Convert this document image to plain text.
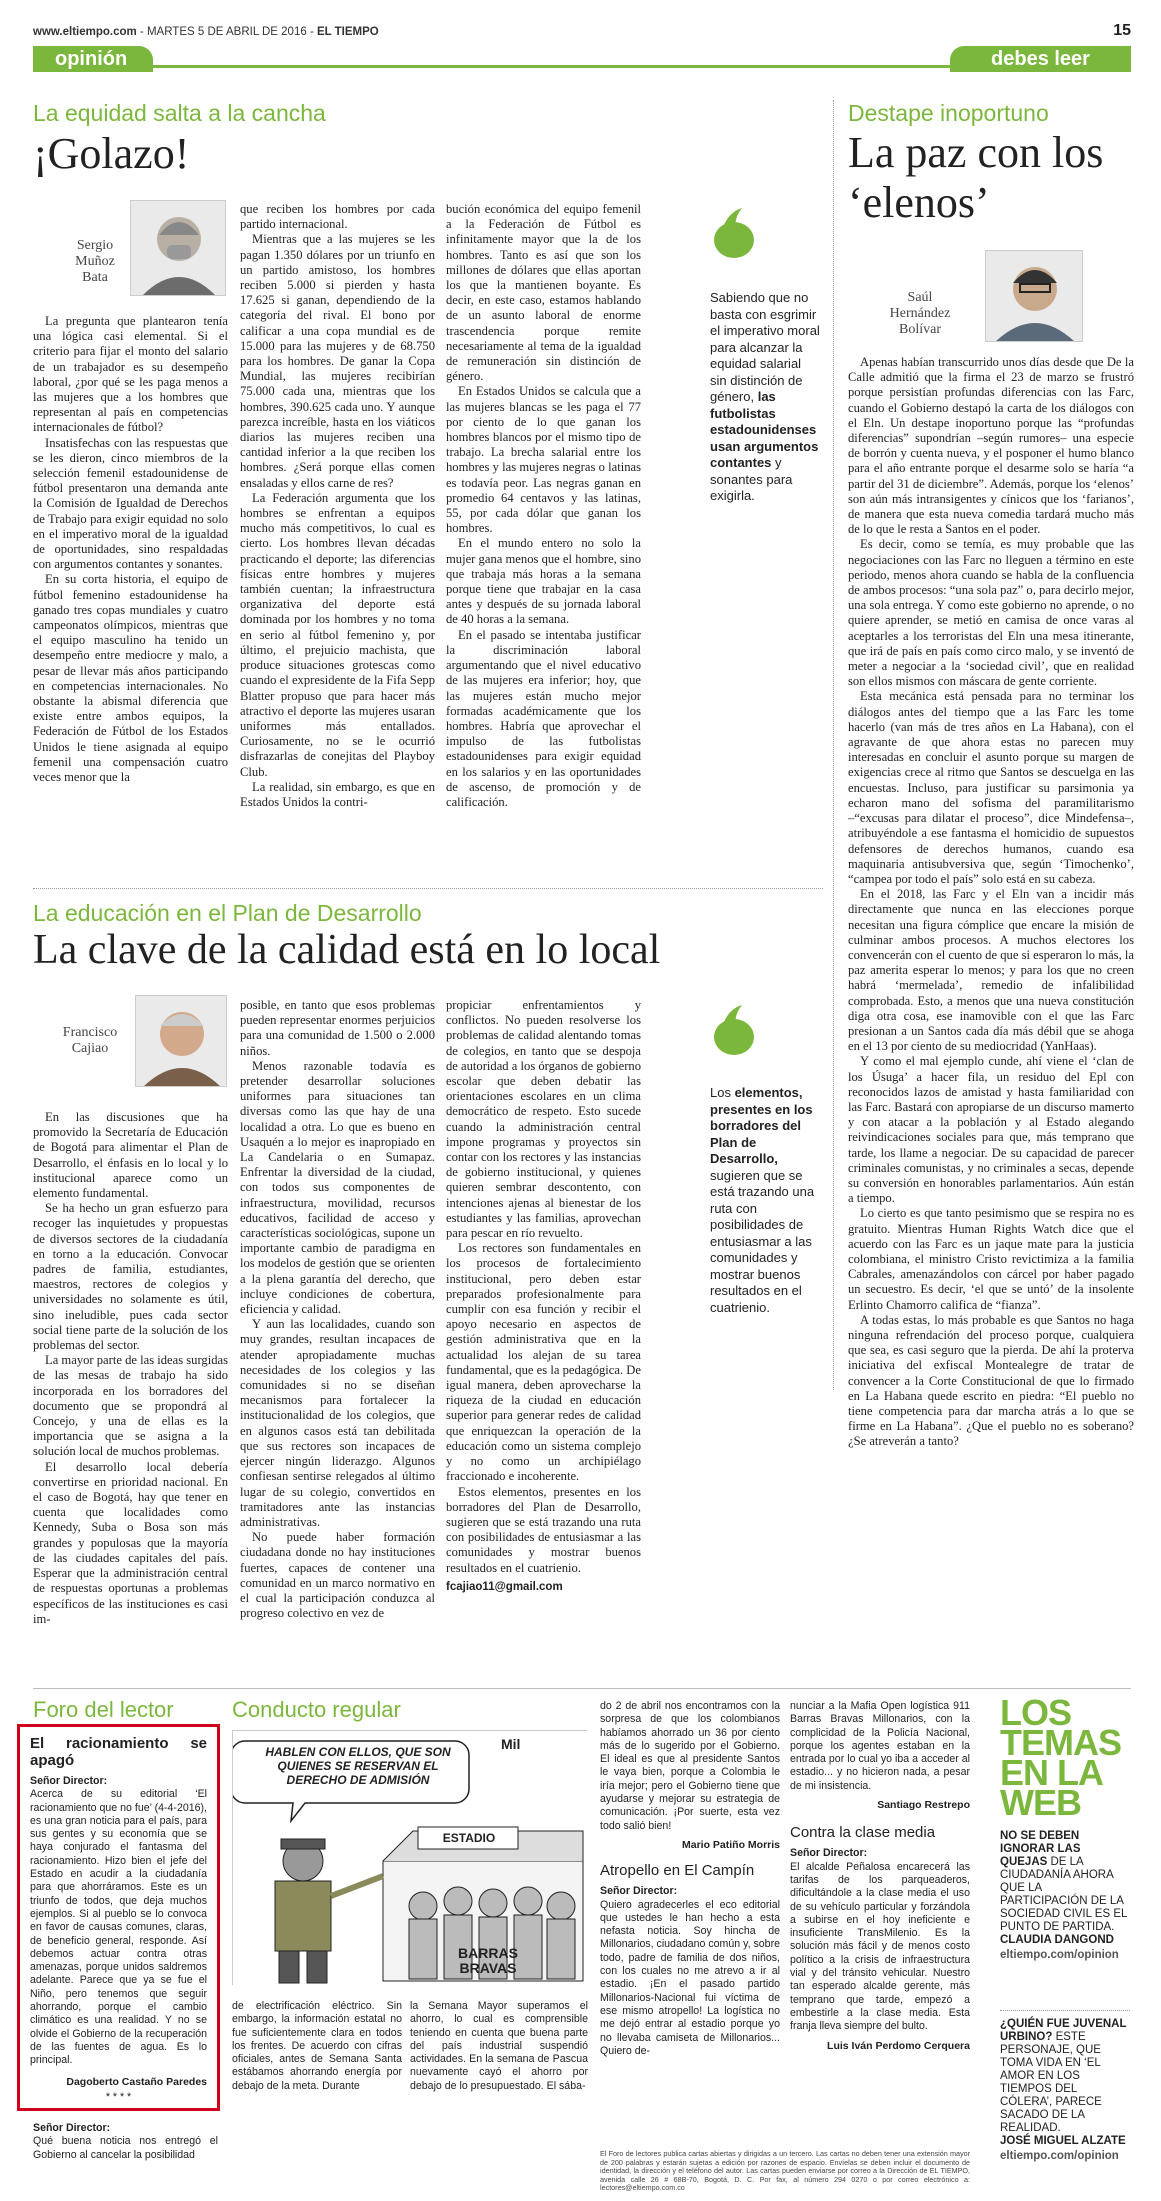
www.eltiempo.com - MARTES 5 DE ABRIL DE 2016 - EL TIEMPO	15
opinión	debes leer
La equidad salta a la cancha
¡Golazo!
Sergio
Muñoz
Bata

La pregunta que plantearon tenía una lógica casi elemental. Si el criterio para fijar el monto del salario de un trabajador es su desempeño laboral, ¿por qué se les paga menos a las mujeres que a los hombres que representan al país en competencias internacionales de fútbol?

Insatisfechas con las respuestas que se les dieron, cinco miembros de la selección femenil estadounidense de fútbol presentaron una demanda ante la Comisión de Igualdad de Derechos de Trabajo para exigir equidad no solo en el imperativo moral de la igualdad de oportunidades, sino respaldadas con argumentos contantes y sonantes.

En su corta historia, el equipo de fútbol femenino estadounidense ha ganado tres copas mundiales y cuatro campeonatos olímpicos, mientras que el equipo masculino ha tenido un desempeño entre mediocre y malo, a pesar de llevar más años participando en competencias internacionales. No obstante la abismal diferencia que existe entre ambos equipos, la Federación de Fútbol de los Estados Unidos le tiene asignada al equipo femenil una compensación cuatro veces menor que la

que reciben los hombres por cada partido internacional.

Mientras que a las mujeres se les pagan 1.350 dólares por un triunfo en un partido amistoso, los hombres reciben 5.000 si pierden y hasta 17.625 si ganan, dependiendo de la categoría del rival. El bono por calificar a una copa mundial es de 15.000 para las mujeres y de 68.750 para los hombres. De ganar la Copa Mundial, las mujeres recibirían 75.000 cada una, mientras que los hombres, 390.625 cada uno. Y aunque parezca increíble, hasta en los viáticos diarios las mujeres reciben una cantidad inferior a la que reciben los hombres. ¿Será porque ellas comen ensaladas y ellos carne de res?

La Federación argumenta que los hombres se enfrentan a equipos mucho más competitivos, lo cual es cierto. Los hombres llevan décadas practicando el deporte; las diferencias físicas entre hombres y mujeres también cuentan; la infraestructura organizativa del deporte está dominada por los hombres y no toma en serio al fútbol femenino y, por último, el prejuicio machista, que produce situaciones grotescas como cuando el expresidente de la Fifa Sepp Blatter propuso que para hacer más atractivo el deporte las mujeres usaran uniformes más entallados. Curiosamente, no se le ocurrió disfrazarlas de conejitas del Playboy Club.

La realidad, sin embargo, es que en Estados Unidos la contri-

bución económica del equipo femenil a la Federación de Fútbol es infinitamente mayor que la de los hombres. Tanto es así que son los millones de dólares que ellas aportan los que la mantienen boyante. Es decir, en este caso, estamos hablando de un asunto laboral de enorme trascendencia porque remite necesariamente al tema de la igualdad de remuneración sin distinción de género.

En Estados Unidos se calcula que a las mujeres blancas se les paga el 77 por ciento de lo que ganan los hombres blancos por el mismo tipo de trabajo. La brecha salarial entre los hombres y las mujeres negras o latinas es todavía peor. Las negras ganan en promedio 64 centavos y las latinas, 55, por cada dólar que ganan los hombres.

En el mundo entero no solo la mujer gana menos que el hombre, sino que trabaja más horas a la semana porque tiene que trabajar en la casa antes y después de su jornada laboral de 40 horas a la semana.

En el pasado se intentaba justificar la discriminación laboral argumentando que el nivel educativo de las mujeres era inferior; hoy, que las mujeres están mucho mejor formadas académicamente que los hombres. Habría que aprovechar el impulso de las futbolistas estadounidenses para exigir equidad en los salarios y en las oportunidades de ascenso, de promoción y de calificación.

Sabiendo que no basta con esgrimir el imperativo moral para alcanzar la equidad salarial sin distinción de género, las futbolistas estadounidenses usan argumentos contantes y sonantes para exigirla.
Destape inoportuno
La paz con los ‘elenos’
Saúl
Hernández
Bolívar

Apenas habían transcurrido unos días desde que De la Calle admitió que la firma el 23 de marzo se frustró porque persistían profundas diferencias con las Farc, cuando el Gobierno destapó la carta de los diálogos con el Eln. Un destape inoportuno porque las “profundas diferencias” supondrían –según rumores– una especie de borrón y cuenta nueva, y el posponer el humo blanco para el año entrante porque el desarme solo se haría “a partir del 31 de diciembre”. Además, porque los ‘elenos’ son aún más intransigentes y cínicos que los ‘farianos’, de manera que esta nueva comedia tardará mucho más de lo que le resta a Santos en el poder.

Es decir, como se temía, es muy probable que las negociaciones con las Farc no lleguen a término en este periodo, menos ahora cuando se habla de la confluencia de ambos procesos: “una sola paz” o, para decirlo mejor, una sola entrega. Y como este gobierno no aprende, o no quiere aprender, se metió en camisa de once varas al aceptarles a los terroristas del Eln una mesa itinerante, que irá de país en país como circo malo, y se inventó de meter a negociar a la ‘sociedad civil’, que en realidad son ellos mismos con máscara de gente corriente.

Esta mecánica está pensada para no terminar los diálogos antes del tiempo que a las Farc les tome hacerlo (van más de tres años en La Habana), con el agravante de que ahora estas no parecen muy interesadas en concluir el asunto porque su margen de exigencias crece al ritmo que Santos se descuelga en las encuestas. Incluso, para justificar su parsimonia ya echaron mano del sofisma del paramilitarismo –“excusas para dilatar el proceso”, dice Mindefensa–, atribuyéndole a ese fantasma el homicidio de supuestos defensores de derechos humanos, cuando esa maquinaria antisubversiva que, según ‘Timochenko’, “campea por todo el país” solo está en su cabeza.

En el 2018, las Farc y el Eln van a incidir más directamente que nunca en las elecciones porque necesitan una figura cómplice que encare la misión de culminar ambos procesos. A muchos electores los convencerán con el cuento de que si esperaron lo más, la paz amerita esperar lo menos; y para los que no creen habrá ‘mermelada’, remedio de infalibilidad comprobada. Esto, a menos que una nueva constitución diga otra cosa, ese inamovible con el que las Farc presionan a un Santos cada día más débil que se ahoga en el 13 por ciento de su mediocridad (YanHaas).

Y como el mal ejemplo cunde, ahí viene el ‘clan de los Úsuga’ a hacer fila, un residuo del Epl con reconocidos lazos de amistad y hasta familiaridad con las Farc. Bastará con apropiarse de un discurso mamerto y con atacar a la población y al Estado alegando reivindicaciones sociales para que, más temprano que tarde, los llame a negociar. De su capacidad de parecer criminales comunistas, y no criminales a secas, depende su conversión en honorables parlamentarios. Aún están a tiempo.

Lo cierto es que tanto pesimismo que se respira no es gratuito. Mientras Human Rights Watch dice que el acuerdo con las Farc es un jaque mate para la justicia colombiana, el ministro Cristo revictimiza a la familia Cabrales, amenazándolos con cárcel por haber pagado un secuestro. Es decir, ‘el que se untó’ de la insolente Erlinto Chamorro califica de “fianza”.

A todas estas, lo más probable es que Santos no haga ninguna refrendación del proceso porque, cualquiera que sea, es casi seguro que la pierda. De ahí la proterva iniciativa del exfiscal Montealegre de tratar de convencer a la Corte Constitucional de que lo firmado en La Habana quede escrito en piedra: “El pueblo no tiene competencia para dar marcha atrás a lo que se firme en La Habana”. ¿Que el pueblo no es soberano? ¿Se atreverán a tanto?

La educación en el Plan de Desarrollo
La clave de la calidad está en lo local
Francisco
Cajiao

En las discusiones que ha promovido la Secretaría de Educación de Bogotá para alimentar el Plan de Desarrollo, el énfasis en lo local y lo institucional aparece como un elemento fundamental.

Se ha hecho un gran esfuerzo para recoger las inquietudes y propuestas de diversos sectores de la ciudadanía en torno a la educación. Convocar padres de familia, estudiantes, maestros, rectores de colegios y universidades no solamente es útil, sino ineludible, pues cada sector social tiene parte de la solución de los problemas del sector.

La mayor parte de las ideas surgidas de las mesas de trabajo ha sido incorporada en los borradores del documento que se propondrá al Concejo, y una de ellas es la importancia que se asigna a la solución local de muchos problemas.

El desarrollo local debería convertirse en prioridad nacional. En el caso de Bogotá, hay que tener en cuenta que localidades como Kennedy, Suba o Bosa son más grandes y populosas que la mayoría de las ciudades capitales del país. Esperar que la administración central de respuestas oportunas a problemas específicos de las instituciones es casi im-

posible, en tanto que esos problemas pueden representar enormes perjuicios para una comunidad de 1.500 o 2.000 niños.

Menos razonable todavía es pretender desarrollar soluciones uniformes para situaciones tan diversas como las que hay de una localidad a otra. Lo que es bueno en Usaquén a lo mejor es inapropiado en La Candelaria o en Sumapaz. Enfrentar la diversidad de la ciudad, con todos sus componentes de infraestructura, movilidad, recursos educativos, facilidad de acceso y características sociológicas, supone un importante cambio de paradigma en los modelos de gestión que se orienten a la plena garantía del derecho, que incluye condiciones de cobertura, eficiencia y calidad.

Y aun las localidades, cuando son muy grandes, resultan incapaces de atender apropiadamente muchas necesidades de los colegios y las comunidades si no se diseñan mecanismos para fortalecer la institucionalidad de los colegios, que en algunos casos está tan debilitada que sus rectores son incapaces de ejercer ningún liderazgo. Algunos confiesan sentirse relegados al último lugar de su colegio, convertidos en tramitadores ante las instancias administrativas.

No puede haber formación ciudadana donde no hay instituciones fuertes, capaces de contener una comunidad en un marco normativo en el cual la participación conduzca al progreso colectivo en vez de

propiciar enfrentamientos y conflictos. No pueden resolverse los problemas de calidad alentando tomas de colegios, en tanto que se despoja de autoridad a los órganos de gobierno escolar que deben debatir las orientaciones escolares en un clima democrático de respeto. Esto sucede cuando la administración central impone programas y proyectos sin contar con los rectores y las instancias de gobierno institucional, y quienes quieren sembrar descontento, con intenciones ajenas al bienestar de los estudiantes y las familias, aprovechan para pescar en río revuelto.

Los rectores son fundamentales en los procesos de fortalecimiento institucional, pero deben estar preparados profesionalmente para cumplir con esa función y recibir el apoyo necesario en aspectos de gestión administrativa que en la actualidad los alejan de su tarea fundamental, que es la pedagógica. De igual manera, deben aprovecharse la riqueza de la ciudad en educación superior para generar redes de calidad que enriquezcan la operación de la educación como un sistema complejo y no como un archipiélago fraccionado e incoherente.

Estos elementos, presentes en los borradores del Plan de Desarrollo, sugieren que se está trazando una ruta con posibilidades de entusiasmar a las comunidades y mostrar buenos resultados en el cuatrienio.

fcajiao11@gmail.com

Los elementos, presentes en los borradores del Plan de Desarrollo, sugieren que se está trazando una ruta con posibilidades de entusiasmar a las comunidades y mostrar buenos resultados en el cuatrienio.
Foro del lector
El racionamiento se apagó

Señor Director:

Acerca de su editorial ‘El racionamiento que no fue’ (4-4-2016), es una gran noticia para el país, para sus gentes y su economía que se haya conjurado el fantasma del racionamiento. Hizo bien el jefe del Estado en acudir a la ciudadanía para que ahorráramos. Este es un triunfo de todos, que deja muchos ejemplos. Si al pueblo se lo convoca en favor de causas comunes, claras, de beneficio general, responde. Así debemos actuar contra otras amenazas, porque unidos saldremos adelante. Parece que ya se fue el Niño, pero tenemos que seguir ahorrando, porque el cambio climático es una realidad. Y no se olvide el Gobierno de la recuperación de las fuentes de agua. Es lo principal.

Dagoberto Castaño Paredes

* * * *

Señor Director:

Qué buena noticia nos entregó el Gobierno al cancelar la posibilidad

Conducto regular
HABLEN CON ELLOS, QUE SON QUIENES SE RESERVAN EL DERECHO DE ADMISIÓN
ESTADIO
BARRAS BRAVAS
Mil
de electrificación eléctrico. Sin embargo, la información estatal no fue suficientemente clara en todos los frentes. De acuerdo con cifras oficiales, antes de Semana Santa estábamos ahorrando energía por debajo de la meta. Durante
la Semana Mayor superamos el ahorro, lo cual es comprensible teniendo en cuenta que buena parte del país industrial suspendió actividades. En la semana de Pascua nuevamente cayó el ahorro por debajo de lo presupuestado. El sába-

do 2 de abril nos encontramos con la sorpresa de que los colombianos habíamos ahorrado un 36 por ciento más de lo sugerido por el Gobierno. El ideal es que al presidente Santos le vaya bien, porque a Colombia le iría mejor; pero el Gobierno tiene que ayudarse y mejorar su estrategia de comunicación. ¡Por suerte, esta vez todo salió bien!

Mario Patiño Morris

Atropello en El Campín

Señor Director:

Quiero agradecerles el eco editorial que ustedes le han hecho a esta nefasta noticia. Soy hincha de Millonarios, ciudadano común y, sobre todo, padre de familia de dos niños, con los cuales no me atrevo a ir al estadio. ¡En el pasado partido Millonarios-Nacional fui víctima de ese mismo atropello! La logística no me dejó entrar al estadio porque yo no llevaba camiseta de Millonarios... Quiero de-

nunciar a la Mafia Open logística 911 Barras Bravas Millonarios, con la complicidad de la Policía Nacional, porque los agentes estaban en la entrada por lo cual yo iba a acceder al estadio... y no hicieron nada, a pesar de mi insistencia.

Santiago Restrepo

Contra la clase media

Señor Director:

El alcalde Peñalosa encarecerá las tarifas de los parqueaderos, dificultándole a la clase media el uso de su vehículo particular y forzándola a subirse en el hoy ineficiente e insuficiente TransMilenio. Es la solución más fácil y de menos costo político a la crisis de infraestructura vial y del tránsito vehicular. Nuestro tan esperado alcalde gerente, más temprano que tarde, empezó a embestirle a la clase media. Esta franja lleva siempre del bulto.

Luis Iván Perdomo Cerquera

El Foro de lectores publica cartas abiertas y dirigidas a un tercero. Las cartas no deben tener una extensión mayor de 200 palabras y estarán sujetas a edición por razones de espacio. Envíelas se deben incluir el documento de identidad, la dirección y el teléfono del autor. Las cartas pueden enviarse por correo a la Dirección de EL TIEMPO, avenida calle 26 # 68B-70, Bogotá, D. C. Por fax, al número 294 0270 o por correo electrónico a: lectores@eltiempo.com.co
LOS TEMAS EN LA WEB
NO SE DEBEN IGNORAR LAS QUEJAS DE LA CIUDADANÍA AHORA QUE LA PARTICIPACIÓN DE LA SOCIEDAD CIVIL ES EL PUNTO DE PARTIDA.
CLAUDIA DANGOND
eltiempo.com/opinion
¿QUIÉN FUE JUVENAL URBINO? ESTE PERSONAJE, QUE TOMA VIDA EN ‘EL AMOR EN LOS TIEMPOS DEL CÓLERA’, PARECE SACADO DE LA REALIDAD.
JOSÉ MIGUEL ALZATE
eltiempo.com/opinion
